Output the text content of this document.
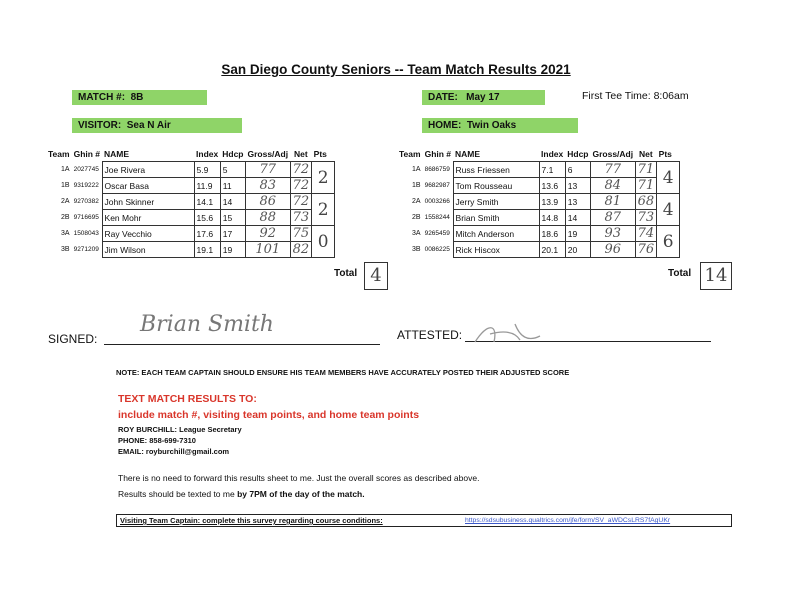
San Diego County Seniors -- Team Match Results 2021
MATCH #: 8B
VISITOR: Sea N Air
DATE: May 17	First Tee Time: 8:06am
HOME: Twin Oaks
Team	Ghin #	NAME	Index	Hdcp	Gross/Adj	Net	Pts
1A	2027745	Joe Rivera	5.9	5	77	72	2
1B	9319222	Oscar Basa	11.9	11	83	72	
2A	9270382	John Skinner	14.1	14	86	72	2
2B	9716695	Ken Mohr	15.6	15	88	73	
3A	1508043	Ray Vecchio	17.6	17	92	75	0
3B	9271209	Jim Wilson	19.1	19	101	82	
Team	Ghin #	NAME	Index	Hdcp	Gross/Adj	Net	Pts
1A	8686759	Russ Friessen	7.1	6	77	71	4
1B	9682987	Tom Rousseau	13.6	13	84	71	
2A	0003266	Jerry Smith	13.9	13	81	68	4
2B	1558244	Brian Smith	14.8	14	87	73	
3A	9265459	Mitch Anderson	18.6	19	93	74	6
3B	0086225	Rick Hiscox	20.1	20	96	76	
Total 4	Total 14
SIGNED:
Brian Smith	ATTESTED:
NOTE: EACH TEAM CAPTAIN SHOULD ENSURE HIS TEAM MEMBERS HAVE ACCURATELY POSTED THEIR ADJUSTED SCORE
TEXT MATCH RESULTS TO:
include match #, visiting team points, and home team points
ROY BURCHILL: League Secretary
PHONE: 858-699-7310
EMAIL: royburchill@gmail.com
There is no need to forward this results sheet to me. Just the overall scores as described above.
Results should be texted to me by 7PM of the day of the match.
Visiting Team Captain: complete this survey regarding course conditions:	https://sdsubusiness.qualtrics.com/jfe/form/SV_aWDCsLRS7fAgUKr
